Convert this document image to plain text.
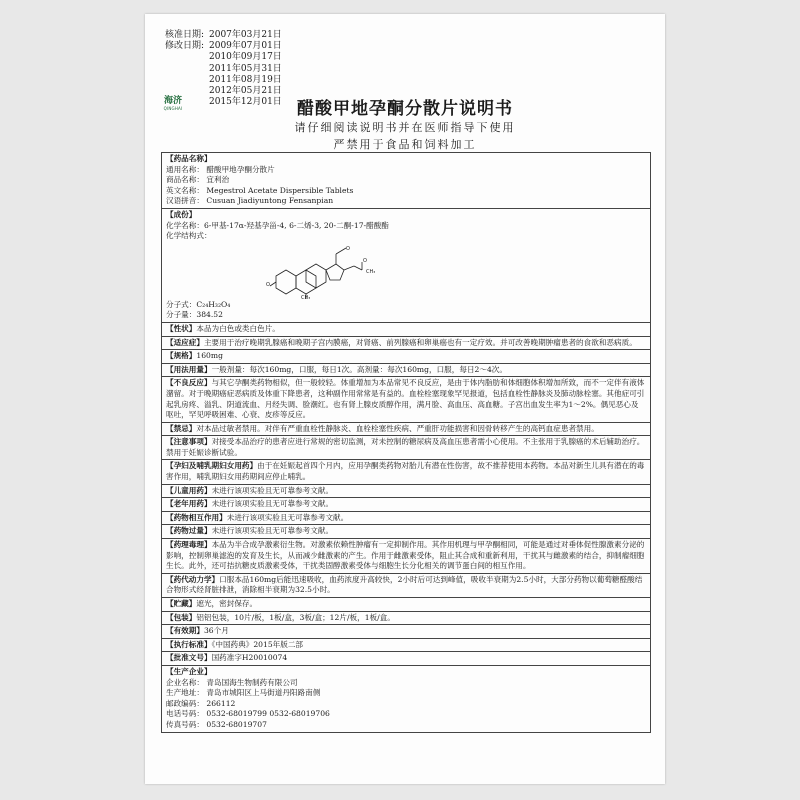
核准日期: 2007年03月21日
修改日期: 2009年07月01日
2010年09月17日
2011年05月31日
2011年08月19日
2012年05月21日
2015年12月01日
海济
QINGHAI	醋酸甲地孕酮分散片说明书
请仔细阅读说明书并在医师指导下使用
严禁用于食品和饲料加工
【药品名称】
通用名称： 醋酸甲地孕酮分散片
商品名称： 宜利治
英文名称： Megestrol Acetate Dispersible Tablets
汉语拼音： Cusuan Jiadiyuntong Fensanpian
【成份】
化学名称：6-甲基-17α-羟基孕甾-4, 6-二烯-3, 20-二酮-17-醋酸酯
化学结构式：
O
O
O
CH₃
CH₃
分子式：C₂₄H₃₂O₄
分子量：384.52
【性状】本品为白色或类白色片。
【适应症】主要用于治疗晚期乳腺癌和晚期子宫内膜癌，对肾癌、前列腺癌和卵巢癌也有一定疗效。并可改善晚期肿瘤患者的食欲和恶病质。
【规格】160mg
【用法用量】一般剂量：每次160mg，口服，每日1次。高剂量：每次160mg，口服，每日2～4次。
【不良反应】与其它孕酮类药物相似，但一般较轻。体重增加为本品常见不良反应，是由于体内脂肪和体细胞体积增加所致，而不一定伴有液体潴留。对于晚期癌症恶病质及体重下降患者，这种副作用常常是有益的。血栓栓塞现象罕见报道，包括血栓性静脉炎及肺动脉栓塞。其他症可引起乳房疼、溢乳、阴道流血、月经失调、脸潮红。也有肾上腺皮质醇作用，满月脸、高血压、高血糖。子宫出血发生率为1～2%。偶见恶心及呕吐，罕见呼吸困难、心衰、皮疹等反应。
【禁忌】对本品过敏者禁用。对伴有严重血栓性静脉炎、血栓栓塞性疾病、严重肝功能损害和因骨转移产生的高钙血症患者禁用。
【注意事项】对接受本品治疗的患者应进行常规的密切监测，对未控制的糖尿病及高血压患者需小心使用。不主张用于乳腺癌的术后辅助治疗。禁用于妊娠诊断试验。
【孕妇及哺乳期妇女用药】由于在妊娠起首四个月内，应用孕酮类药物对胎儿有潜在性伤害，故不推荐使用本药物。本品对新生儿具有潜在的毒害作用，哺乳期妇女用药期间应停止哺乳。
【儿童用药】未进行该项实验且无可靠参考文献。
【老年用药】未进行该项实验且无可靠参考文献。
【药物相互作用】未进行该项实验且无可靠参考文献。
【药物过量】未进行该项实验且无可靠参考文献。
【药理毒理】本品为半合成孕激素衍生物。对激素依赖性肿瘤有一定抑制作用。其作用机理与甲孕酮相同，可能是通过对垂体促性腺激素分泌的影响，控制卵巢滤泡的发育及生长，从而减少雌激素的产生。作用于雌激素受体，阻止其合成和重新利用，干扰其与雌激素的结合，抑制瘤细胞生长。此外，还可拮抗糖皮质激素受体，干扰类固醇激素受体与细胞生长分化相关的调节蛋白间的相互作用。
【药代动力学】口服本品160mg后能迅速吸收，血药浓度升高较快，2小时后可达到峰值，吸收半衰期为2.5小时，大部分药物以葡萄糖醛酸结合物形式经肾脏排泄，消除相半衰期为32.5小时。
【贮藏】遮光，密封保存。
【包装】铝铝包装，10片/板，1板/盒，3板/盒；12片/板，1板/盒。
【有效期】36个月
【执行标准】《中国药典》2015年版二部
【批准文号】国药准字H20010074
【生产企业】
企业名称： 青岛国海生物制药有限公司
生产地址： 青岛市城阳区上马街道丹阳路南侧
邮政编码： 266112
电话号码： 0532-68019799 0532-68019706
传真号码： 0532-68019707
